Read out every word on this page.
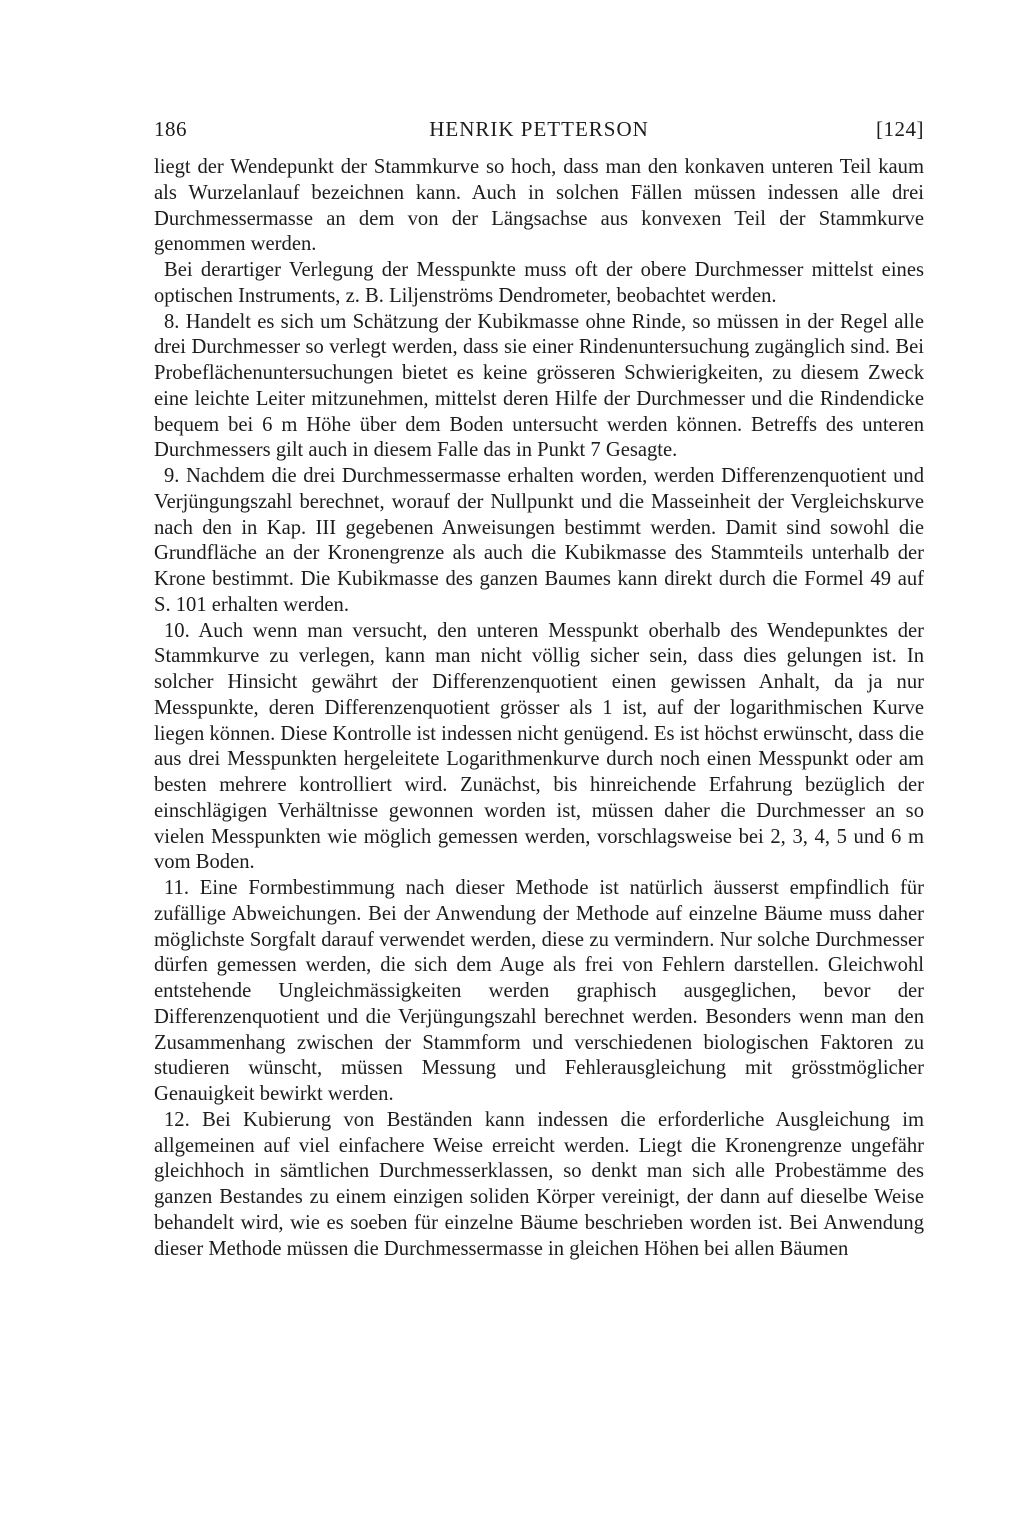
186	HENRIK PETTERSON	[124]

liegt der Wendepunkt der Stammkurve so hoch, dass man den konkaven unteren Teil kaum als Wurzelanlauf bezeichnen kann. Auch in solchen Fällen müssen indessen alle drei Durchmessermasse an dem von der Längsachse aus konvexen Teil der Stammkurve genommen werden.

Bei derartiger Verlegung der Messpunkte muss oft der obere Durchmesser mittelst eines optischen Instruments, z. B. Liljenströms Dendrometer, beobachtet werden.

8. Handelt es sich um Schätzung der Kubikmasse ohne Rinde, so müssen in der Regel alle drei Durchmesser so verlegt werden, dass sie einer Rindenuntersuchung zugänglich sind. Bei Probeflächenuntersuchungen bietet es keine grösseren Schwierigkeiten, zu diesem Zweck eine leichte Leiter mitzunehmen, mittelst deren Hilfe der Durchmesser und die Rindendicke bequem bei 6 m Höhe über dem Boden untersucht werden können. Betreffs des unteren Durchmessers gilt auch in diesem Falle das in Punkt 7 Gesagte.

9. Nachdem die drei Durchmessermasse erhalten worden, werden Differenzenquotient und Verjüngungszahl berechnet, worauf der Nullpunkt und die Masseinheit der Vergleichskurve nach den in Kap. III gegebenen Anweisungen bestimmt werden. Damit sind sowohl die Grundfläche an der Kronengrenze als auch die Kubikmasse des Stammteils unterhalb der Krone bestimmt. Die Kubikmasse des ganzen Baumes kann direkt durch die Formel 49 auf S. 101 erhalten werden.

10. Auch wenn man versucht, den unteren Messpunkt oberhalb des Wendepunktes der Stammkurve zu verlegen, kann man nicht völlig sicher sein, dass dies gelungen ist. In solcher Hinsicht gewährt der Differenzenquotient einen gewissen Anhalt, da ja nur Messpunkte, deren Differenzenquotient grösser als 1 ist, auf der logarithmischen Kurve liegen können. Diese Kontrolle ist indessen nicht genügend. Es ist höchst erwünscht, dass die aus drei Messpunkten hergeleitete Logarithmenkurve durch noch einen Messpunkt oder am besten mehrere kontrolliert wird. Zunächst, bis hinreichende Erfahrung bezüglich der einschlägigen Verhältnisse gewonnen worden ist, müssen daher die Durchmesser an so vielen Messpunkten wie möglich gemessen werden, vorschlagsweise bei 2, 3, 4, 5 und 6 m vom Boden.

11. Eine Formbestimmung nach dieser Methode ist natürlich äusserst empfindlich für zufällige Abweichungen. Bei der Anwendung der Methode auf einzelne Bäume muss daher möglichste Sorgfalt darauf verwendet werden, diese zu vermindern. Nur solche Durchmesser dürfen gemessen werden, die sich dem Auge als frei von Fehlern darstellen. Gleichwohl entstehende Ungleichmässigkeiten werden graphisch ausgeglichen, bevor der Differenzenquotient und die Verjüngungszahl berechnet werden. Besonders wenn man den Zusammenhang zwischen der Stammform und verschiedenen biologischen Faktoren zu studieren wünscht, müssen Messung und Fehlerausgleichung mit grösstmöglicher Genauigkeit bewirkt werden.

12. Bei Kubierung von Beständen kann indessen die erforderliche Ausgleichung im allgemeinen auf viel einfachere Weise erreicht werden. Liegt die Kronengrenze ungefähr gleichhoch in sämtlichen Durchmesserklassen, so denkt man sich alle Probestämme des ganzen Bestandes zu einem einzigen soliden Körper vereinigt, der dann auf dieselbe Weise behandelt wird, wie es soeben für einzelne Bäume beschrieben worden ist. Bei Anwendung dieser Methode müssen die Durchmessermasse in gleichen Höhen bei allen Bäumen
